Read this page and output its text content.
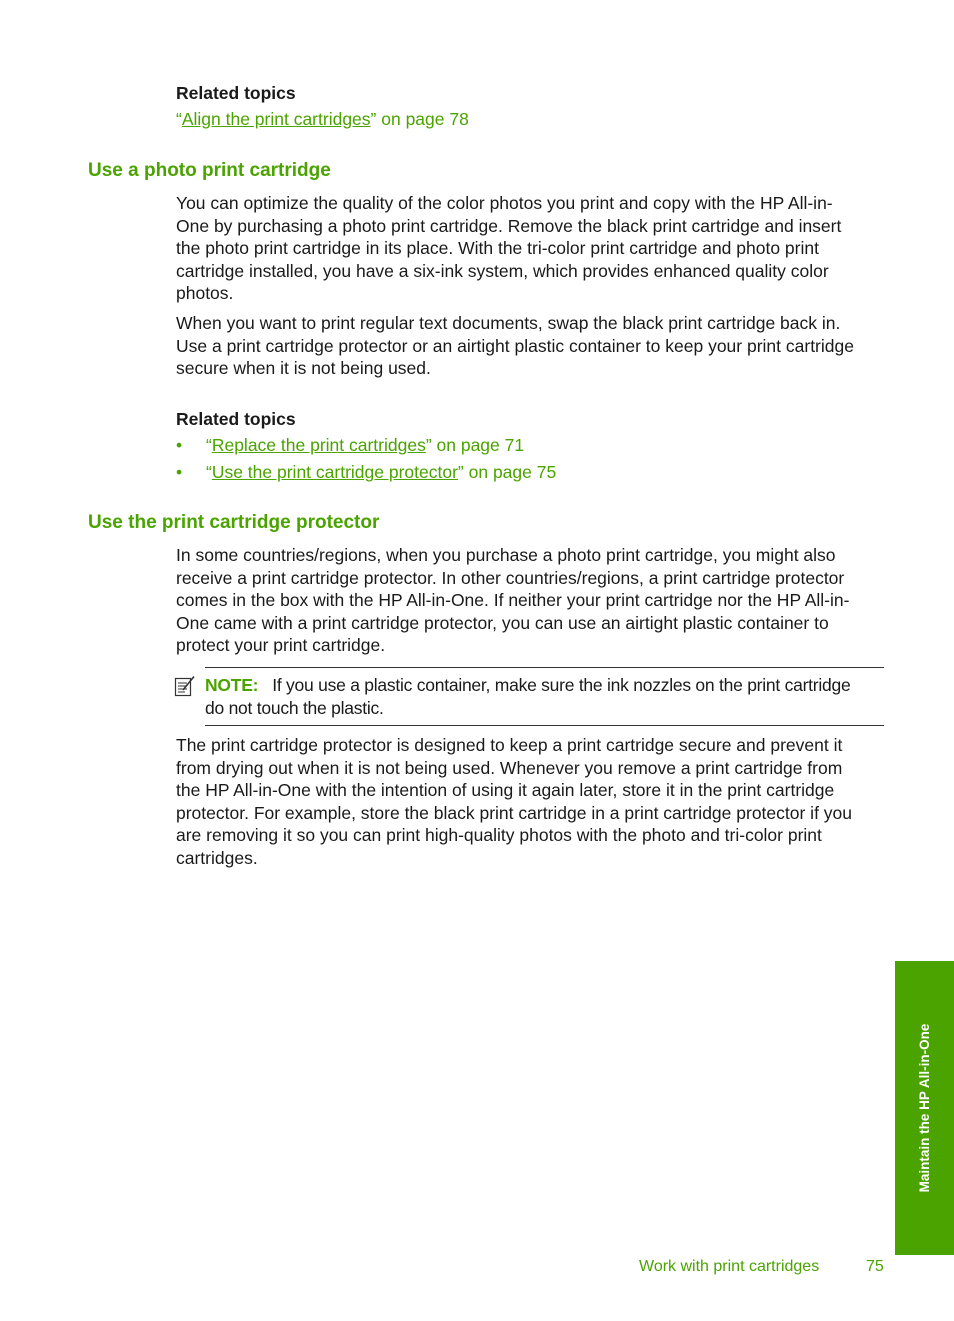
Related topics
“Align the print cartridges” on page 78
Use a photo print cartridge
You can optimize the quality of the color photos you print and copy with the HP All-in-
One by purchasing a photo print cartridge. Remove the black print cartridge and insert
the photo print cartridge in its place. With the tri-color print cartridge and photo print
cartridge installed, you have a six-ink system, which provides enhanced quality color
photos.
When you want to print regular text documents, swap the black print cartridge back in.
Use a print cartridge protector or an airtight plastic container to keep your print cartridge
secure when it is not being used.
Related topics
•	“Replace the print cartridges” on page 71
•	“Use the print cartridge protector” on page 75
Use the print cartridge protector
In some countries/regions, when you purchase a photo print cartridge, you might also
receive a print cartridge protector. In other countries/regions, a print cartridge protector
comes in the box with the HP All-in-One. If neither your print cartridge nor the HP All-in-
One came with a print cartridge protector, you can use an airtight plastic container to
protect your print cartridge.
NOTE: If you use a plastic container, make sure the ink nozzles on the print cartridge
do not touch the plastic.
The print cartridge protector is designed to keep a print cartridge secure and prevent it
from drying out when it is not being used. Whenever you remove a print cartridge from
the HP All-in-One with the intention of using it again later, store it in the print cartridge
protector. For example, store the black print cartridge in a print cartridge protector if you
are removing it so you can print high-quality photos with the photo and tri-color print
cartridges.
Maintain the HP All-in-One
Work with print cartridges	75
